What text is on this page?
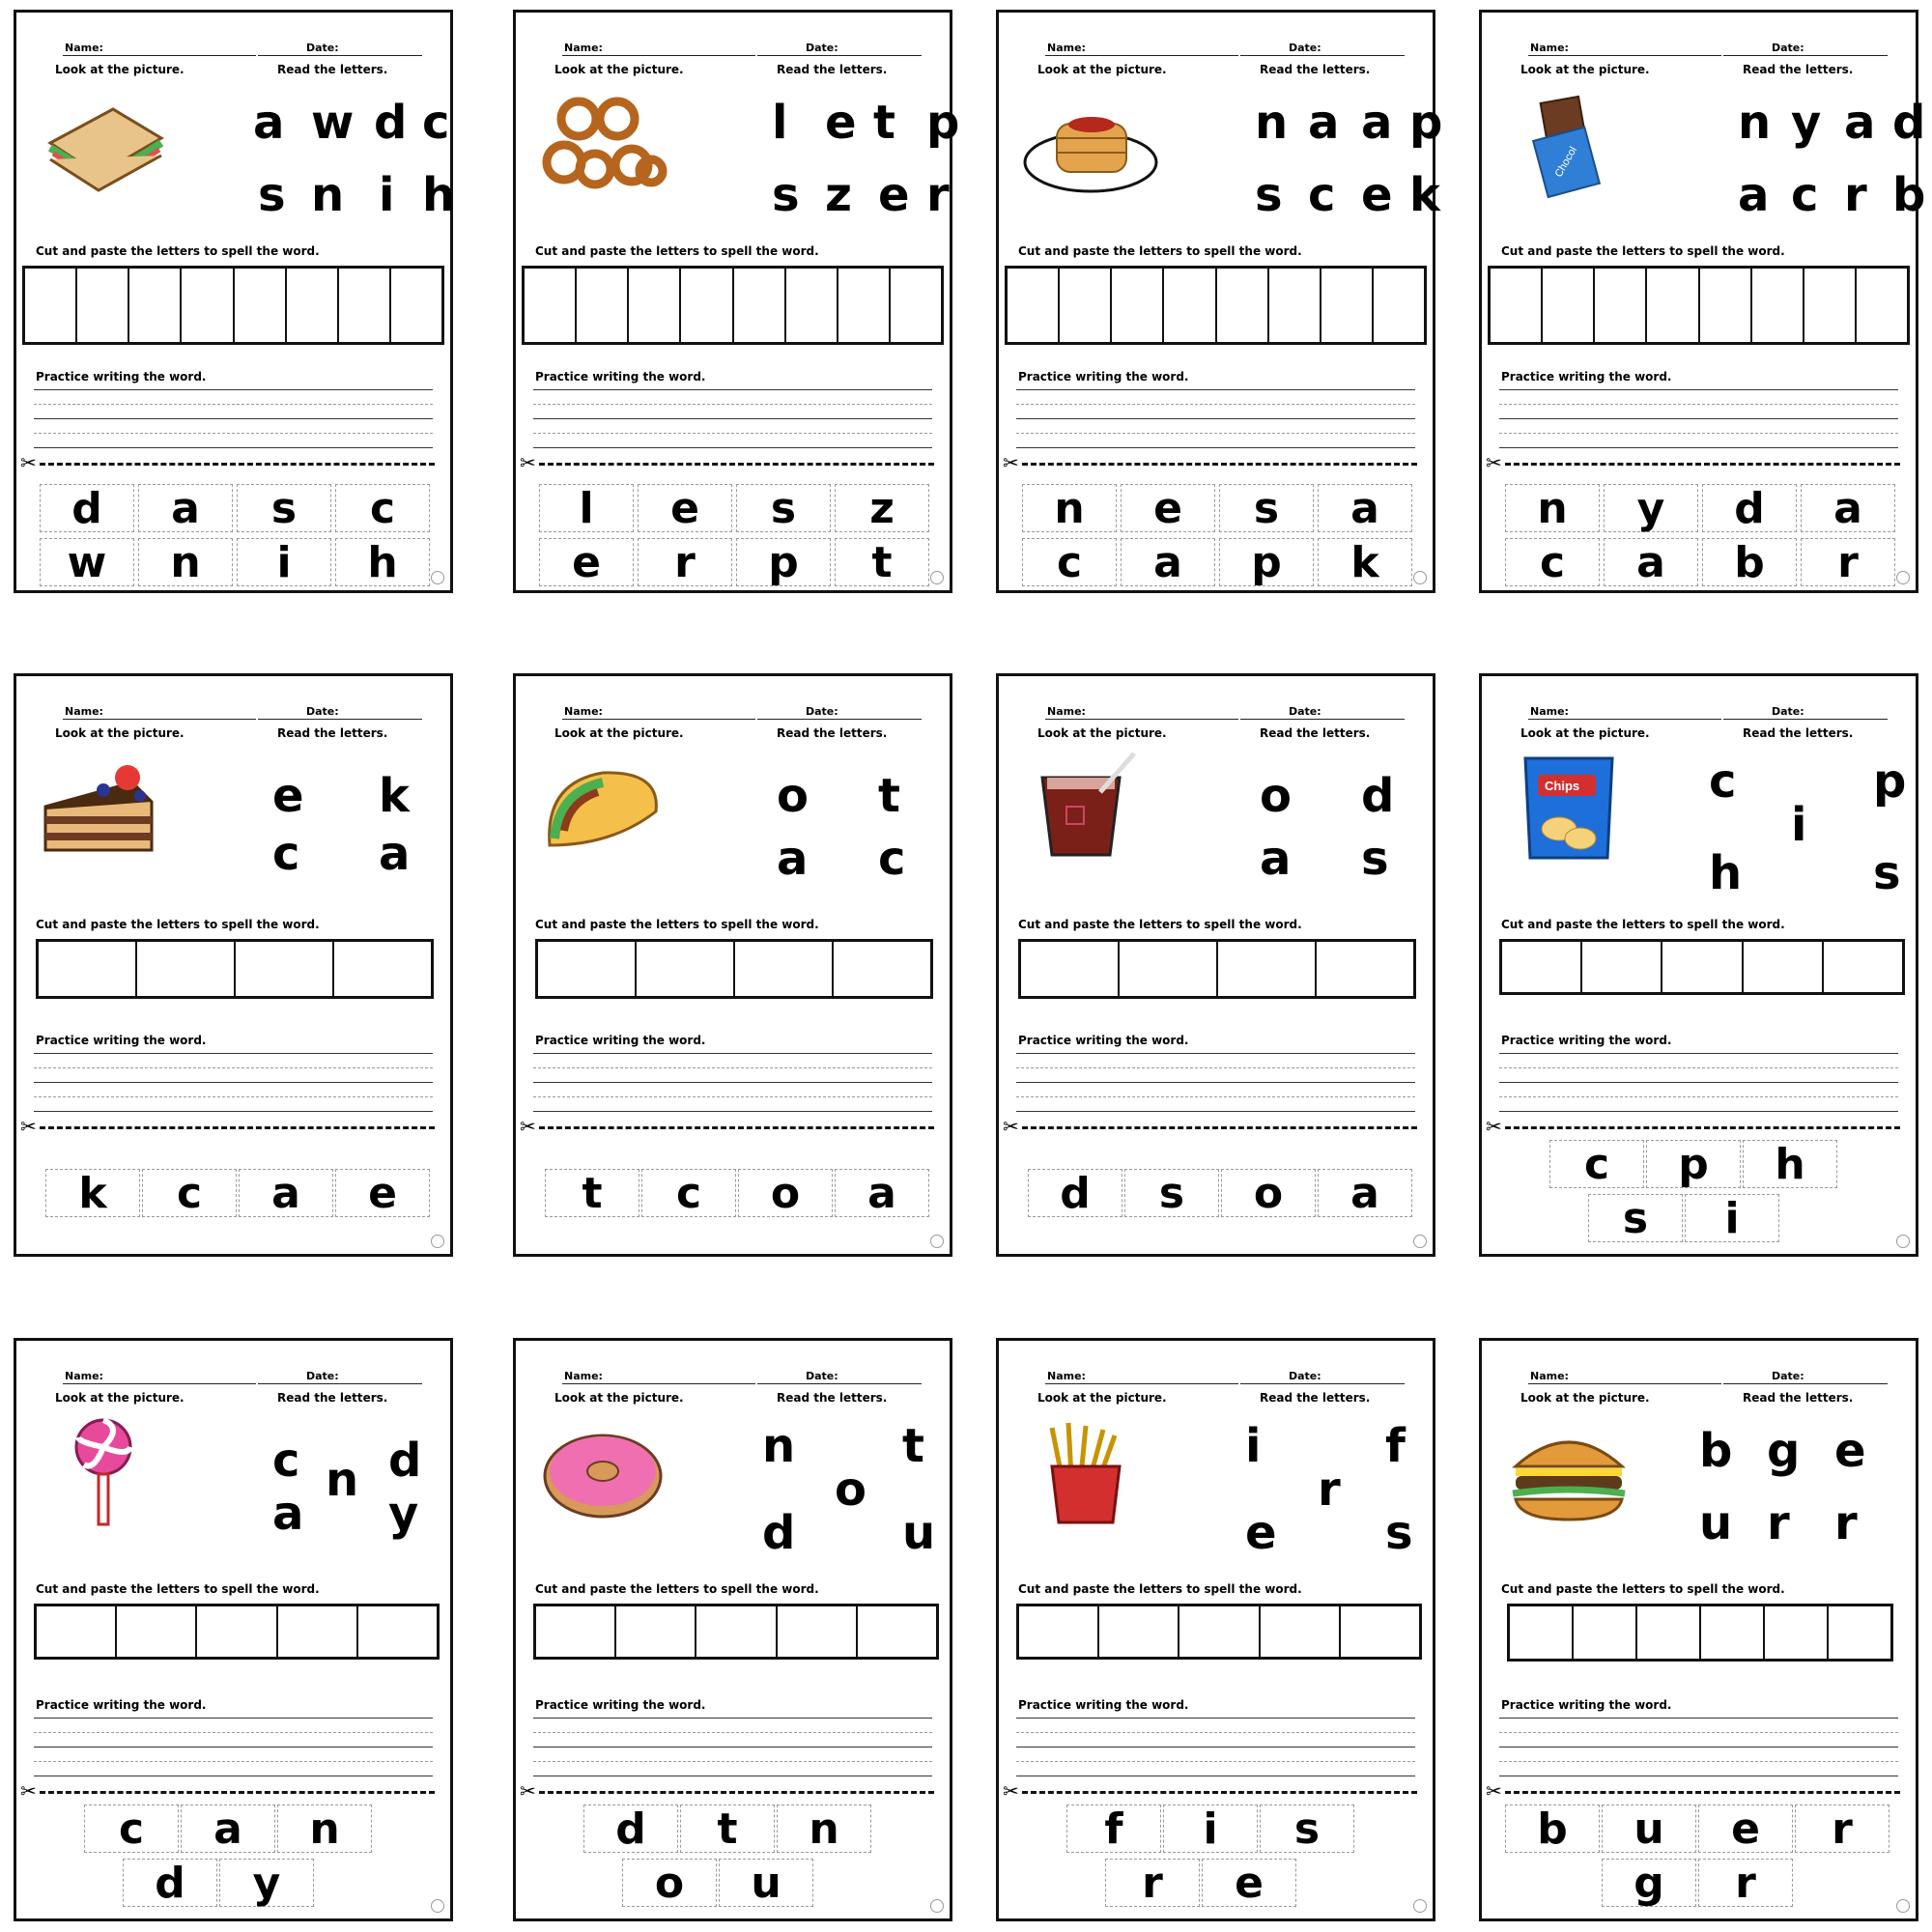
Name:	Date:
Look at the picture.	Read the letters.
a w d c
s n i h
Cut and paste the letters to spell the word.
Practice writing the word.
✂
d	a	s	c
w	n	i	h
Name:	Date:
Look at the picture.	Read the letters.
l e t p
s z e r
Cut and paste the letters to spell the word.
Practice writing the word.
✂
l	e	s	z
e	r	p	t
Name:	Date:
Look at the picture.	Read the letters.
n a a p
s c e k
Cut and paste the letters to spell the word.
Practice writing the word.
✂
n	e	s	a
c	a	p	k
Name:	Date:
Look at the picture.	Read the letters.
Chocol
n y a d
a c r b
Cut and paste the letters to spell the word.
Practice writing the word.
✂
n	y	d	a
c	a	b	r
Name:	Date:
Look at the picture.	Read the letters.
e k
c a
Cut and paste the letters to spell the word.
Practice writing the word.
✂
k	c	a	e
Name:	Date:
Look at the picture.	Read the letters.
o t
a c
Cut and paste the letters to spell the word.
Practice writing the word.
✂
t	c	o	a
Name:	Date:
Look at the picture.	Read the letters.
o d
a s
Cut and paste the letters to spell the word.
Practice writing the word.
✂
d	s	o	a
Name:	Date:
Look at the picture.	Read the letters.
Chips	c	p
i
h	s
Cut and paste the letters to spell the word.
Practice writing the word.
✂
c	p	h
s	i
Name:	Date:
Look at the picture.	Read the letters.
c d
n
a y
Cut and paste the letters to spell the word.
Practice writing the word.
✂
c	a	n
d	y
Name:	Date:
Look at the picture.	Read the letters.
n t
o
d u
Cut and paste the letters to spell the word.
Practice writing the word.
✂
d	t	n
o	u
Name:	Date:
Look at the picture.	Read the letters.
i	f
r
e s
Cut and paste the letters to spell the word.
Practice writing the word.
✂
f	i	s
r	e
Name:	Date:
Look at the picture.	Read the letters.
b g e
u r r
Cut and paste the letters to spell the word.
Practice writing the word.
✂
b	u	e	r
g	r
